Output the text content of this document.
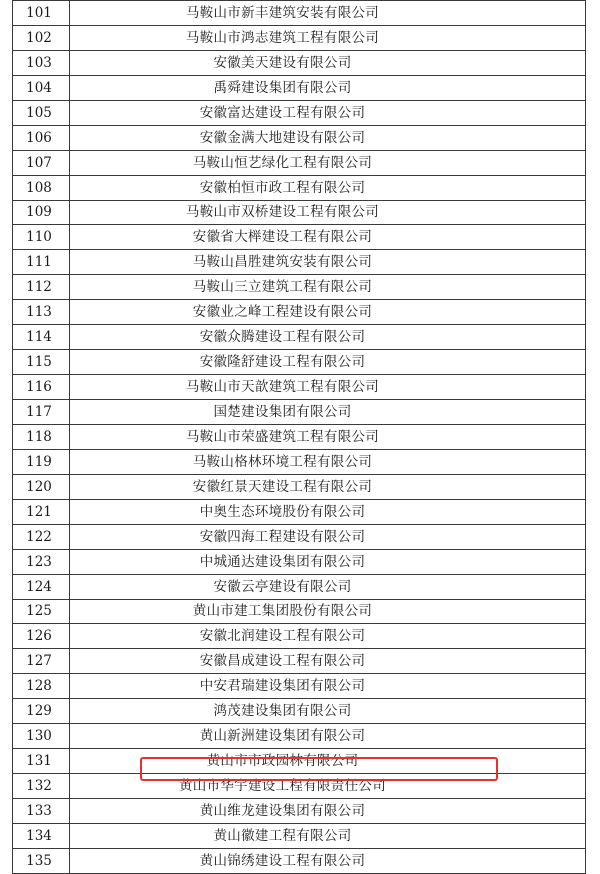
101	马鞍山市新丰建筑安装有限公司
102	马鞍山市鸿志建筑工程有限公司
103	安徽美天建设有限公司
104	禹舜建设集团有限公司
105	安徽富达建设工程有限公司
106	安徽金满大地建设有限公司
107	马鞍山恒艺绿化工程有限公司
108	安徽柏恒市政工程有限公司
109	马鞍山市双桥建设工程有限公司
110	安徽省大榉建设工程有限公司
111	马鞍山昌胜建筑安装有限公司
112	马鞍山三立建筑工程有限公司
113	安徽业之峰工程建设有限公司
114	安徽众腾建设工程有限公司
115	安徽隆舒建设工程有限公司
116	马鞍山市天歆建筑工程有限公司
117	国楚建设集团有限公司
118	马鞍山市荣盛建筑工程有限公司
119	马鞍山格林环境工程有限公司
120	安徽红景天建设工程有限公司
121	中奥生态环境股份有限公司
122	安徽四海工程建设有限公司
123	中城通达建设集团有限公司
124	安徽云亭建设有限公司
125	黄山市建工集团股份有限公司
126	安徽北润建设工程有限公司
127	安徽昌成建设工程有限公司
128	中安君瑞建设集团有限公司
129	鸿茂建设集团有限公司
130	黄山新洲建设集团有限公司
131	黄山市市政园林有限公司
132	黄山市华宇建设工程有限责任公司
133	黄山维龙建设集团有限公司
134	黄山徽建工程有限公司
135	黄山锦绣建设工程有限公司
